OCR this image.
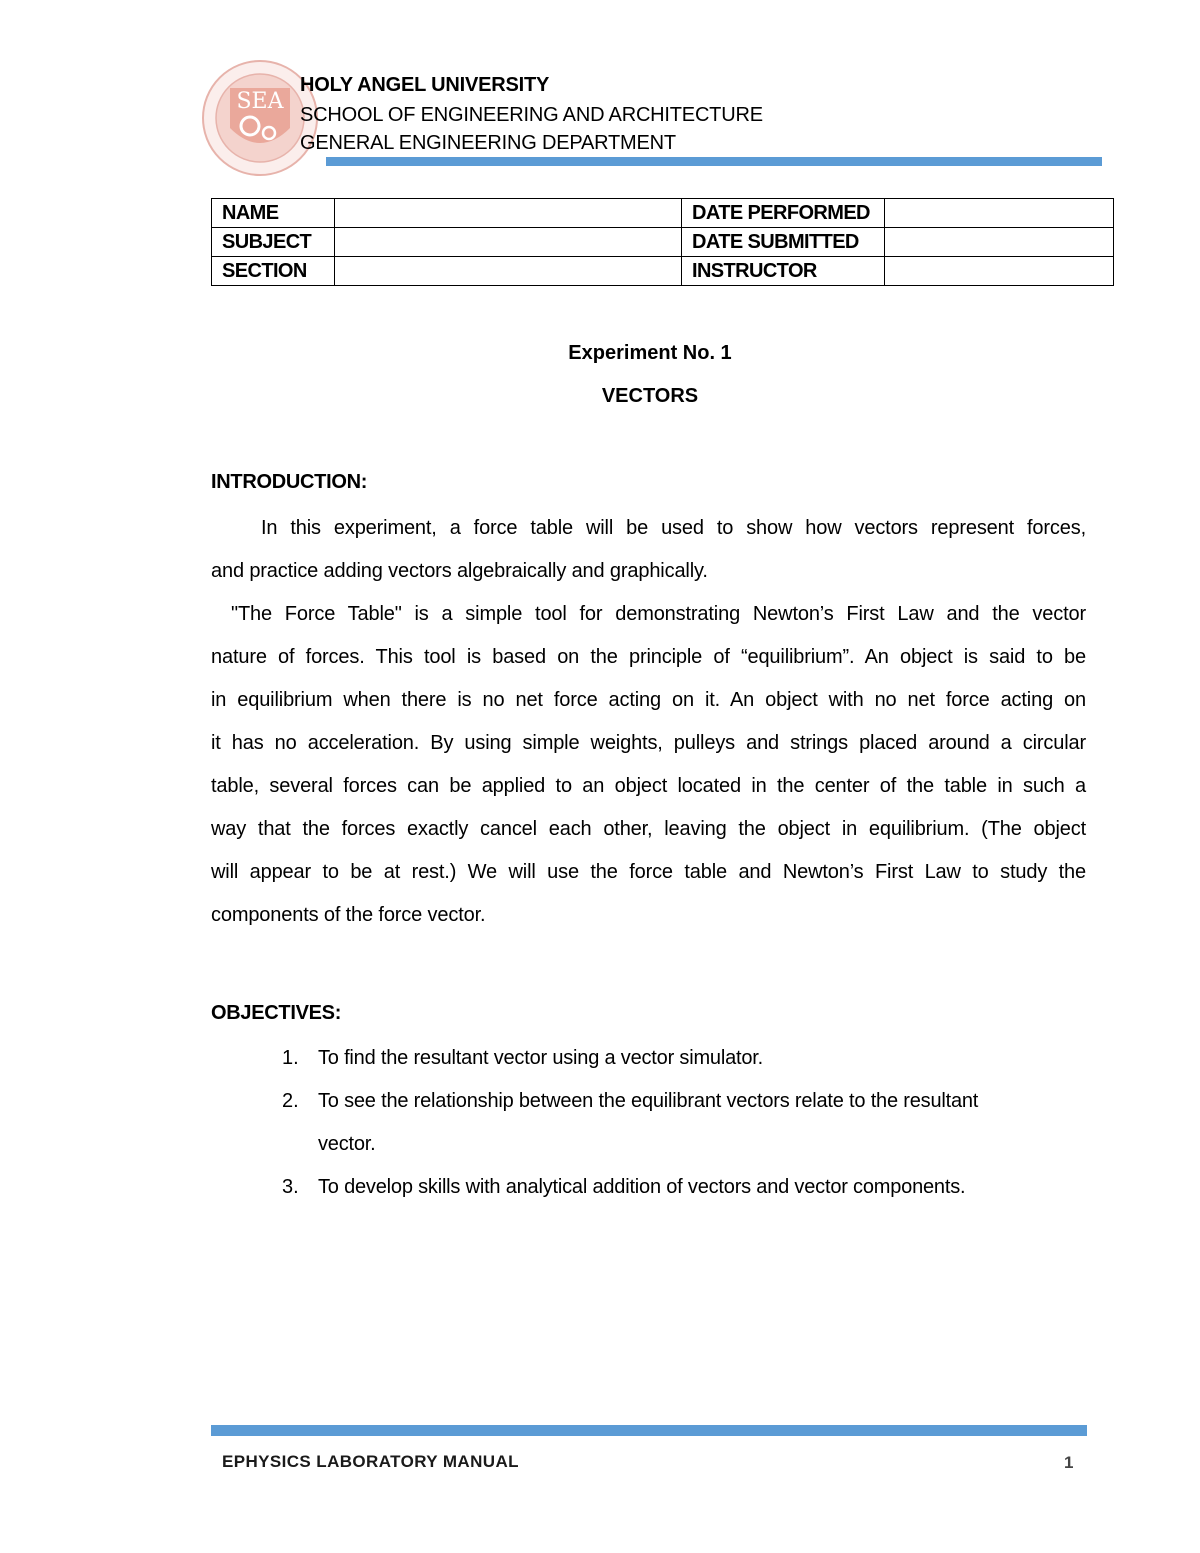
SEA
HOLY ANGEL UNIVERSITY
SCHOOL OF ENGINEERING AND ARCHITECTURE
GENERAL ENGINEERING DEPARTMENT
NAME		DATE PERFORMED	
SUBJECT		DATE SUBMITTED	
SECTION		INSTRUCTOR	
Experiment No. 1
VECTORS
INTRODUCTION:
In this experiment, a force table will be used to show how vectors represent forces,
and practice adding vectors algebraically and graphically.
"The Force Table" is a simple tool for demonstrating Newton’s First Law and the vector
nature of forces. This tool is based on the principle of “equilibrium”. An object is said to be
in equilibrium when there is no net force acting on it. An object with no net force acting on
it has no acceleration. By using simple weights, pulleys and strings placed around a circular
table, several forces can be applied to an object located in the center of the table in such a
way that the forces exactly cancel each other, leaving the object in equilibrium. (The object
will appear to be at rest.) We will use the force table and Newton’s First Law to study the
components of the force vector.
OBJECTIVES:
1. To find the resultant vector using a vector simulator.
2. To see the relationship between the equilibrant vectors relate to the resultant
vector.
3. To develop skills with analytical addition of vectors and vector components.
EPHYSICS LABORATORY MANUAL	1
